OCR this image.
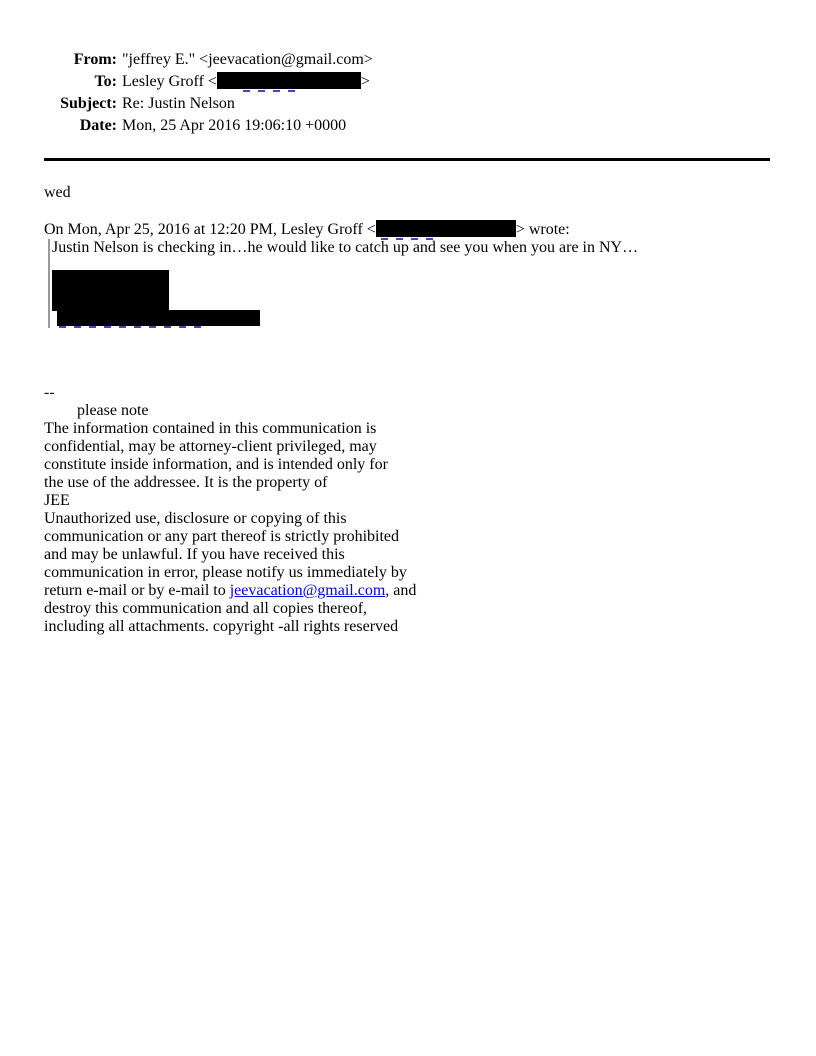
From: "jeffrey E." <jeevacation@gmail.com>
To: Lesley Groff <	>
Subject: Re: Justin Nelson
Date: Mon, 25 Apr 2016 19:06:10 +0000
wed
On Mon, Apr 25, 2016 at 12:20 PM, Lesley Groff <	> wrote:
Justin Nelson is checking in…he would like to catch up and see you when you are in NY…
--
please note
The information contained in this communication is
confidential, may be attorney-client privileged, may
constitute inside information, and is intended only for
the use of the addressee. It is the property of
JEE
Unauthorized use, disclosure or copying of this
communication or any part thereof is strictly prohibited
and may be unlawful. If you have received this
communication in error, please notify us immediately by
return e-mail or by e-mail to jeevacation@gmail.com, and
destroy this communication and all copies thereof,
including all attachments. copyright -all rights reserved
